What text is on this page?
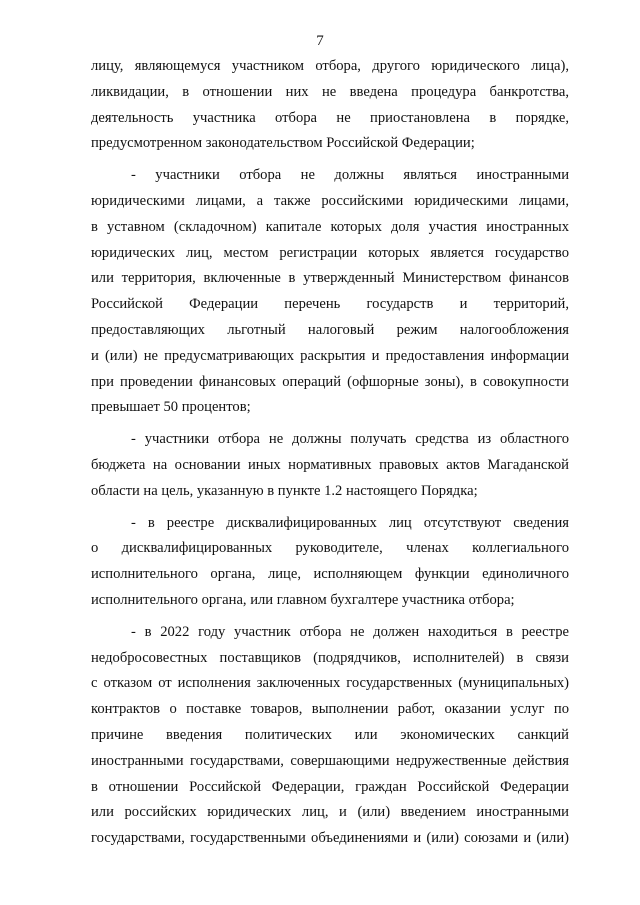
7
лицу, являющемуся участником отбора, другого юридического лица),
ликвидации, в отношении них не введена процедура банкротства,
деятельность участника отбора не приостановлена в порядке,
предусмотренном законодательством Российской Федерации;
- участники отбора не должны являться иностранными
юридическими лицами, а также российскими юридическими лицами,
в уставном (складочном) капитале которых доля участия иностранных
юридических лиц, местом регистрации которых является государство
или территория, включенные в утвержденный Министерством финансов
Российской Федерации перечень государств и территорий,
предоставляющих льготный налоговый режим налогообложения
и (или) не предусматривающих раскрытия и предоставления информации
при проведении финансовых операций (офшорные зоны), в совокупности
превышает 50 процентов;
- участники отбора не должны получать средства из областного
бюджета на основании иных нормативных правовых актов Магаданской
области на цель, указанную в пункте 1.2 настоящего Порядка;
- в реестре дисквалифицированных лиц отсутствуют сведения
о дисквалифицированных руководителе, членах коллегиального
исполнительного органа, лице, исполняющем функции единоличного
исполнительного органа, или главном бухгалтере участника отбора;
- в 2022 году участник отбора не должен находиться в реестре
недобросовестных поставщиков (подрядчиков, исполнителей) в связи
с отказом от исполнения заключенных государственных (муниципальных)
контрактов о поставке товаров, выполнении работ, оказании услуг по
причине введения политических или экономических санкций
иностранными государствами, совершающими недружественные действия
в отношении Российской Федерации, граждан Российской Федерации
или российских юридических лиц, и (или) введением иностранными
государствами, государственными объединениями и (или) союзами и (или)
